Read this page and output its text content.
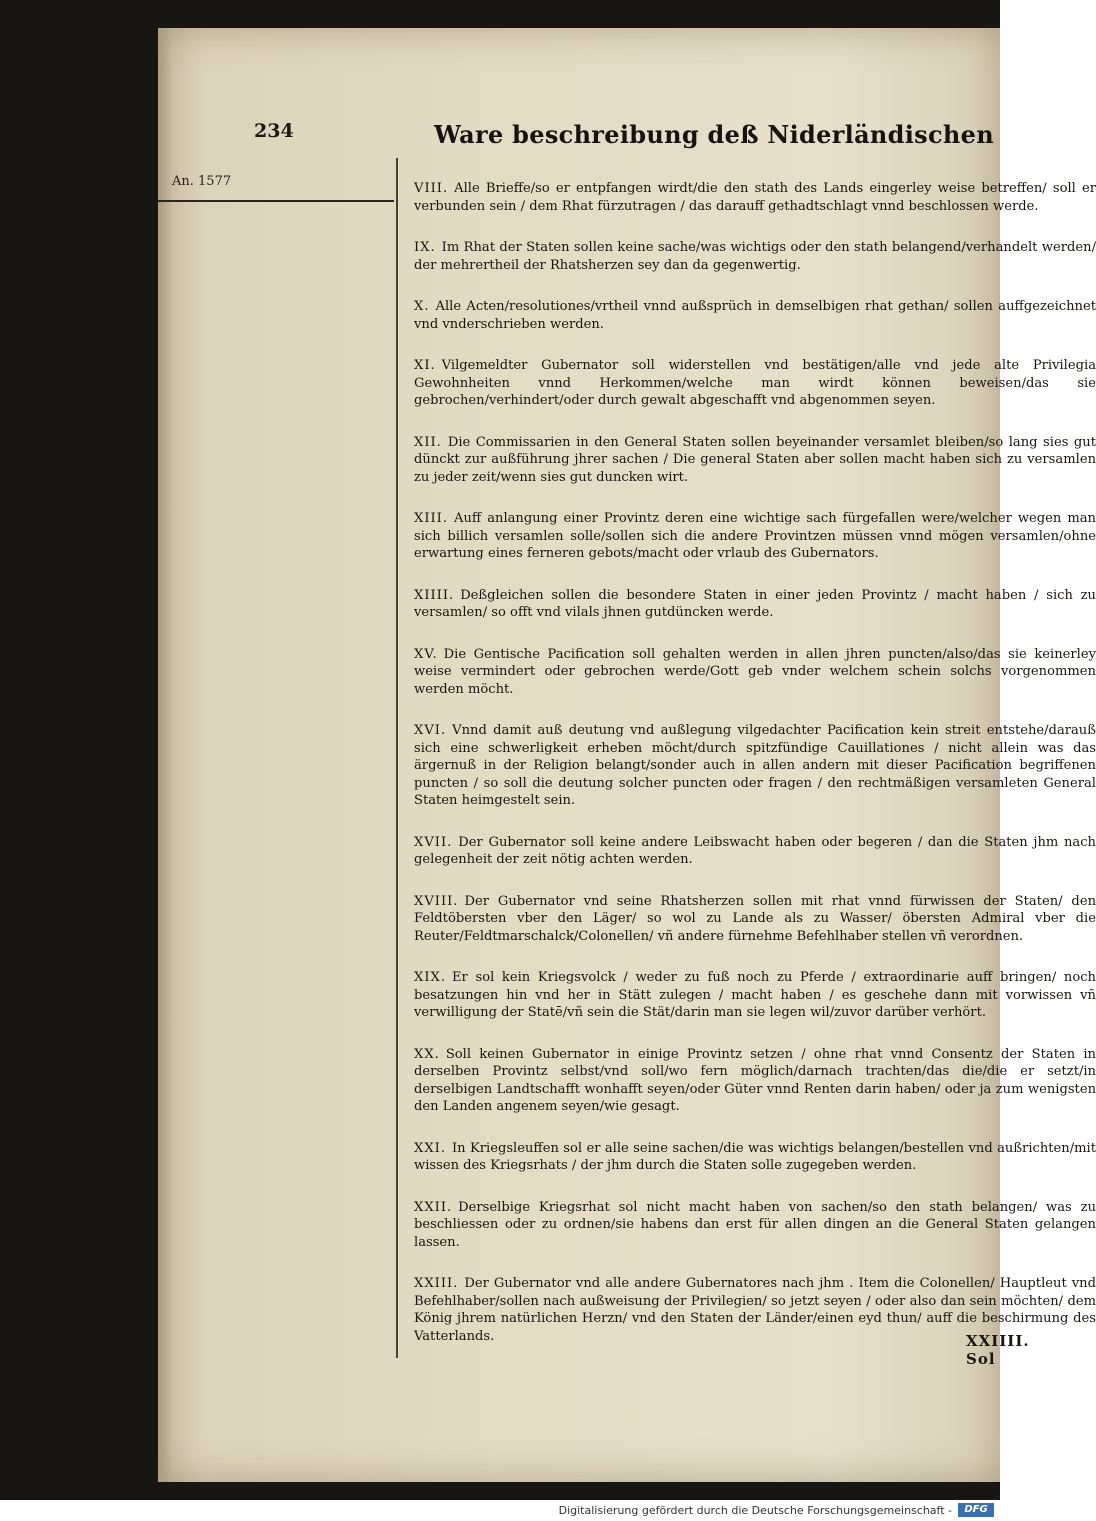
234	Ware beschreibung deß Niderländischen
An. 1577	VIII. Alle Brieffe/so er entpfangen wirdt/die den stath des Lands eingerley weise betreffen/ soll er verbunden sein / dem Rhat fürzutragen / das darauff gethadtschlagt vnnd beschlossen werde.

IX. Im Rhat der Staten sollen keine sache/was wichtigs oder den stath belangend/verhandelt werden/ der mehrertheil der Rhatsherzen sey dan da gegenwertig.

X. Alle Acten/resolutiones/vrtheil vnnd außsprüch in demselbigen rhat gethan/ sollen auffgezeichnet vnd vnderschrieben werden.

XI. Vilgemeldter Gubernator soll widerstellen vnd bestätigen/alle vnd jede alte Privilegia Gewohnheiten vnnd Herkommen/welche man wirdt können beweisen/das sie gebrochen/verhindert/oder durch gewalt abgeschafft vnd abgenommen seyen.

XII. Die Commissarien in den General Staten sollen beyeinander versamlet bleiben/so lang sies gut dünckt zur außführung jhrer sachen / Die general Staten aber sollen macht haben sich zu versamlen zu jeder zeit/wenn sies gut duncken wirt.

XIII. Auff anlangung einer Provintz deren eine wichtige sach fürgefallen were/welcher wegen man sich billich versamlen solle/sollen sich die andere Provintzen müssen vnnd mögen versamlen/ohne erwartung eines ferneren gebots/macht oder vrlaub des Gubernators.

XIIII. Deßgleichen sollen die besondere Staten in einer jeden Provintz / macht haben / sich zu versamlen/ so offt vnd vilals jhnen gutdüncken werde.

XV. Die Gentische Pacification soll gehalten werden in allen jhren puncten/also/das sie keinerley weise vermindert oder gebrochen werde/Gott geb vnder welchem schein solchs vorgenommen werden möcht.

XVI. Vnnd damit auß deutung vnd außlegung vilgedachter Pacification kein streit entstehe/darauß sich eine schwerligkeit erheben möcht/durch spitzfündige Cauillationes / nicht allein was das ärgernuß in der Religion belangt/sonder auch in allen andern mit dieser Pacification begriffenen puncten / so soll die deutung solcher puncten oder fragen / den rechtmäßigen versamleten General Staten heimgestelt sein.

XVII. Der Gubernator soll keine andere Leibswacht haben oder begeren / dan die Staten jhm nach gelegenheit der zeit nötig achten werden.

XVIII. Der Gubernator vnd seine Rhatsherzen sollen mit rhat vnnd fürwissen der Staten/ den Feldtöbersten vber den Läger/ so wol zu Lande als zu Wasser/ öbersten Admiral vber die Reuter/Feldtmarschalck/Colonellen/ vñ andere fürnehme Befehlhaber stellen vñ verordnen.

XIX. Er sol kein Kriegsvolck / weder zu fuß noch zu Pferde / extraordinarie auff bringen/ noch besatzungen hin vnd her in Stätt zulegen / macht haben / es geschehe dann mit vorwissen vñ verwilligung der Statē/vñ sein die Stät/darin man sie legen wil/zuvor darüber verhört.

XX. Soll keinen Gubernator in einige Provintz setzen / ohne rhat vnnd Consentz der Staten in derselben Provintz selbst/vnd soll/wo fern möglich/darnach trachten/das die/die er setzt/in derselbigen Landtschafft wonhafft seyen/oder Güter vnnd Renten darin haben/ oder ja zum wenigsten den Landen angenem seyen/wie gesagt.

XXI. In Kriegsleuffen sol er alle seine sachen/die was wichtigs belangen/bestellen vnd außrichten/mit wissen des Kriegsrhats / der jhm durch die Staten solle zugegeben werden.

XXII. Derselbige Kriegsrhat sol nicht macht haben von sachen/so den stath belangen/ was zu beschliessen oder zu ordnen/sie habens dan erst für allen dingen an die General Staten gelangen lassen.

XXIII. Der Gubernator vnd alle andere Gubernatores nach jhm . Item die Colonellen/ Hauptleut vnd Befehlhaber/sollen nach außweisung der Privilegien/ so jetzt seyen / oder also dan sein möchten/ dem König jhrem natürlichen Herzn/ vnd den Staten der Länder/einen eyd thun/ auff die beschirmung des Vatterlands.	XXIIII. Sol
Digitalisierung gefördert durch die Deutsche Forschungsgemeinschaft -	DFG
